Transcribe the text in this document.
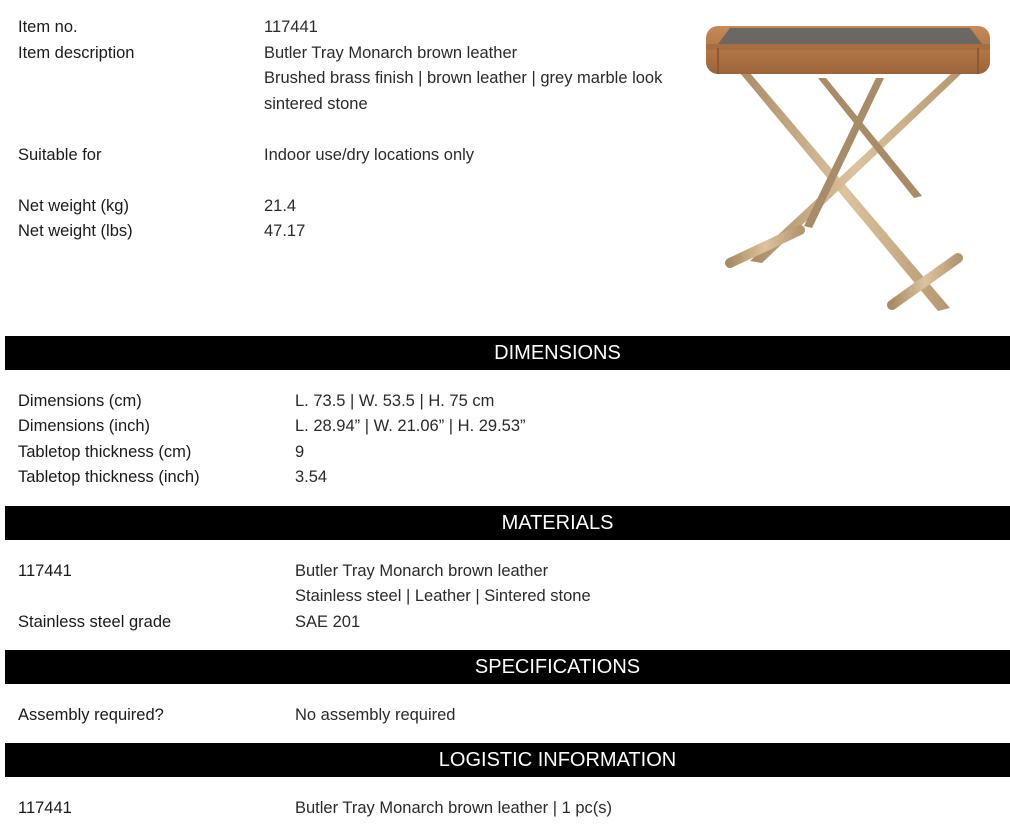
Item no.	117441
Item description	Butler Tray Monarch brown leather
Brushed brass finish | brown leather | grey marble look
sintered stone
Suitable for	Indoor use/dry locations only
Net weight (kg)	21.4
Net weight (lbs)	47.17
DIMENSIONS
Dimensions (cm)	L. 73.5 | W. 53.5 | H. 75 cm
Dimensions (inch)	L. 28.94” | W. 21.06” | H. 29.53”
Tabletop thickness (cm)	9
Tabletop thickness (inch)	3.54
MATERIALS
117441	Butler Tray Monarch brown leather
Stainless steel | Leather | Sintered stone
Stainless steel grade	SAE 201
SPECIFICATIONS
Assembly required?	No assembly required
LOGISTIC INFORMATION
117441	Butler Tray Monarch brown leather | 1 pc(s)
